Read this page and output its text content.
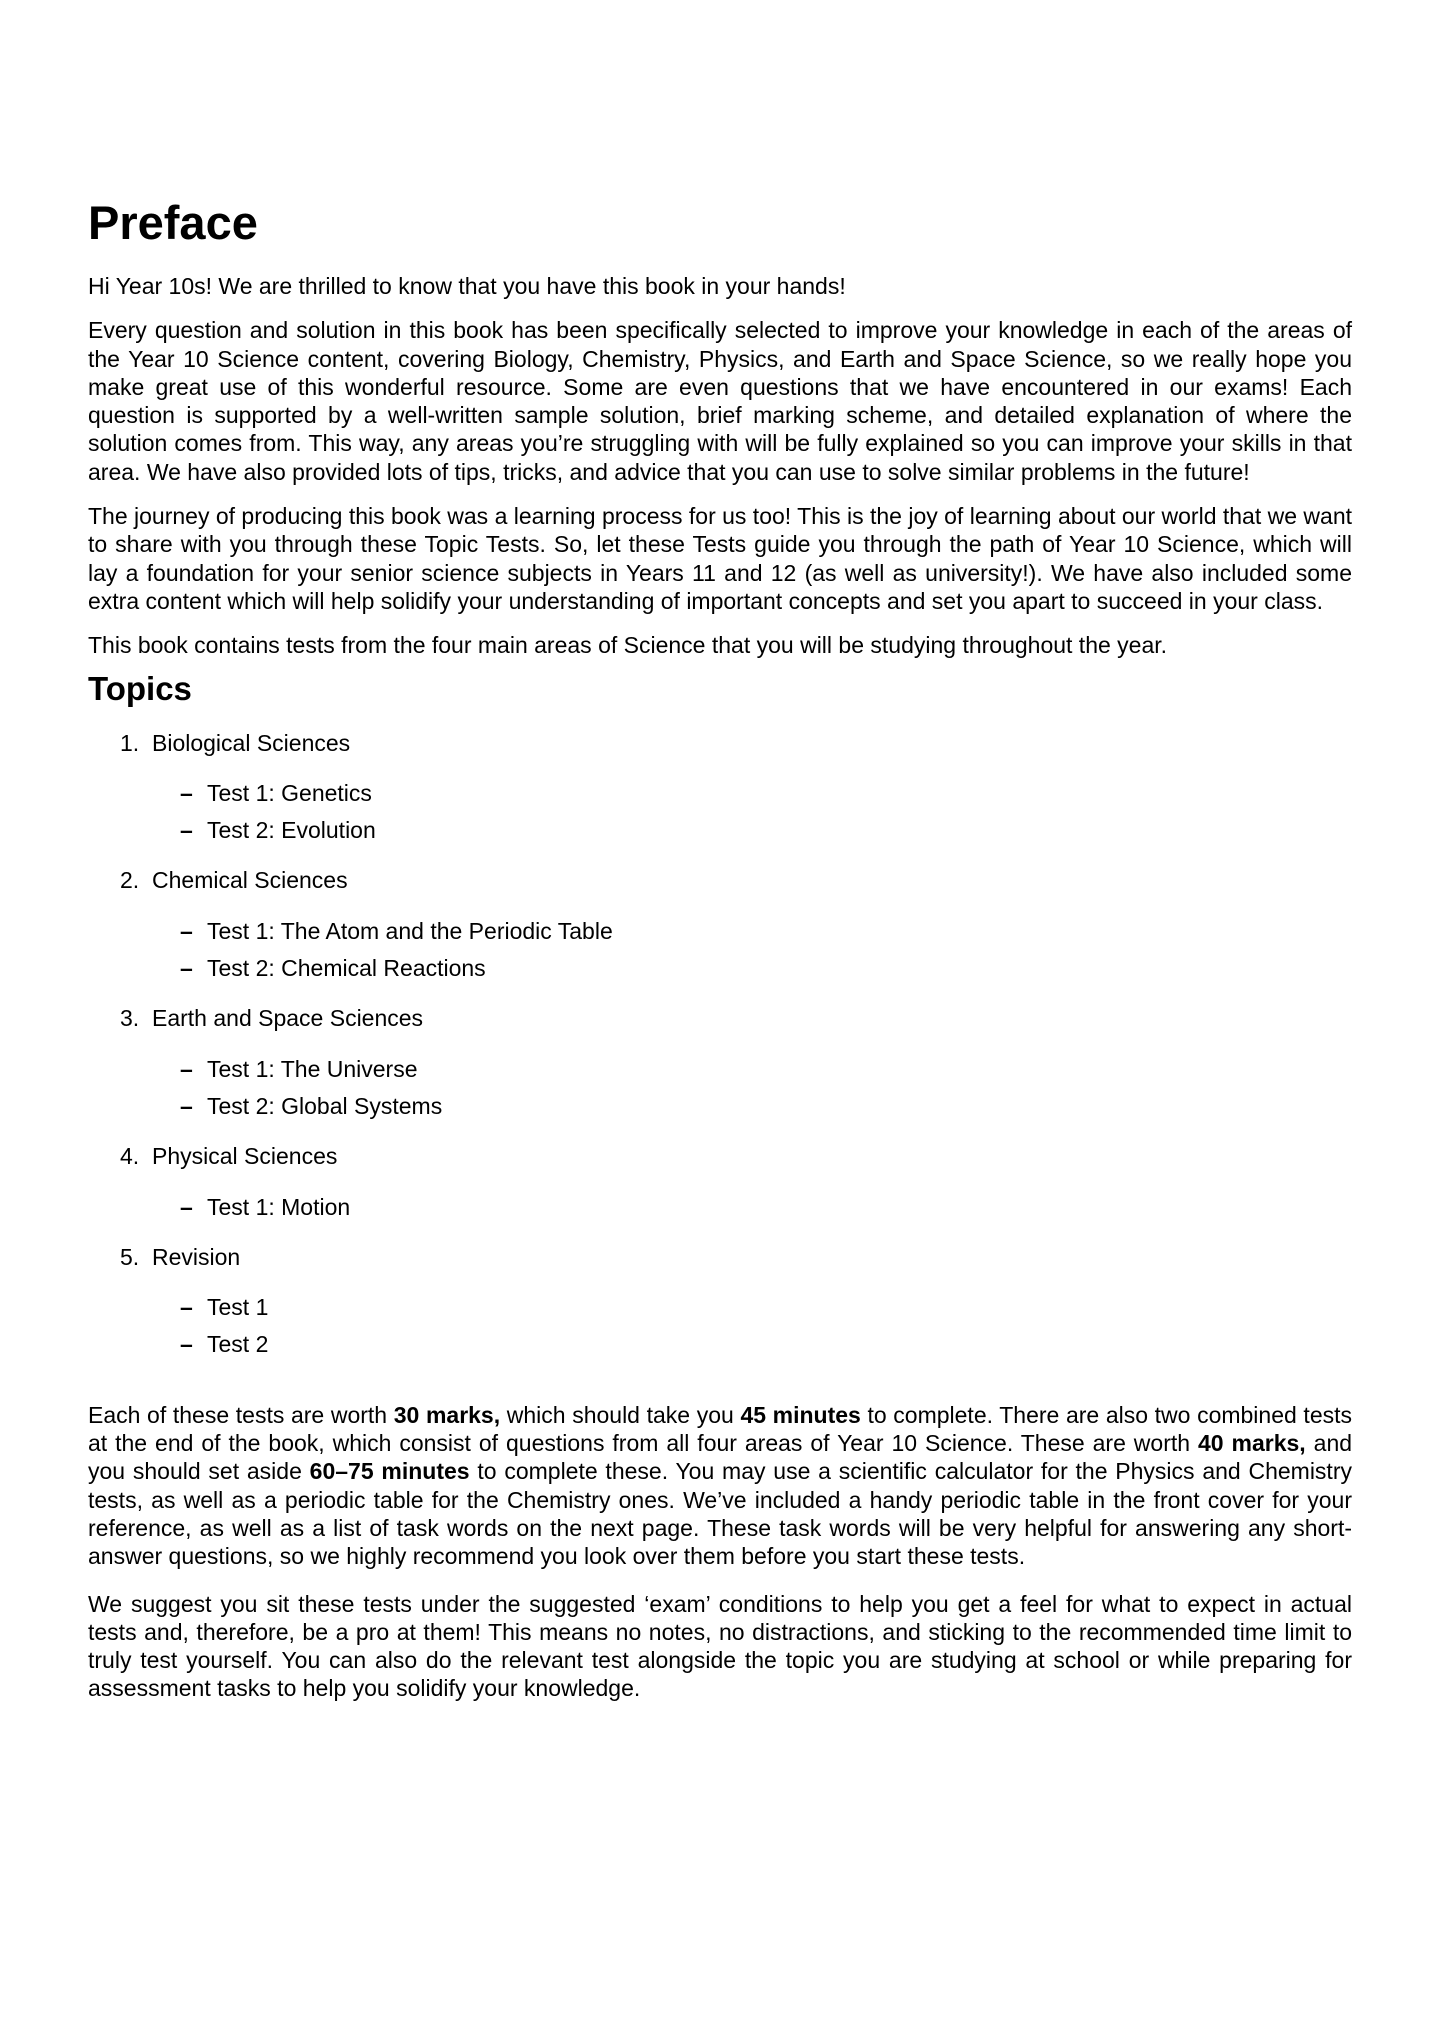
Preface

Hi Year 10s! We are thrilled to know that you have this book in your hands!

Every question and solution in this book has been specifically selected to improve your knowledge in each of the areas of the Year 10 Science content, covering Biology, Chemistry, Physics, and Earth and Space Science, so we really hope you make great use of this wonderful resource. Some are even questions that we have encountered in our exams! Each question is supported by a well-written sample solution, brief marking scheme, and detailed explanation of where the solution comes from. This way, any areas you’re struggling with will be fully explained so you can improve your skills in that area. We have also provided lots of tips, tricks, and advice that you can use to solve similar problems in the future!

The journey of producing this book was a learning process for us too! This is the joy of learning about our world that we want to share with you through these Topic Tests. So, let these Tests guide you through the path of Year 10 Science, which will lay a foundation for your senior science subjects in Years 11 and 12 (as well as university!). We have also included some extra content which will help solidify your understanding of important concepts and set you apart to succeed in your class.

This book contains tests from the four main areas of Science that you will be studying throughout the year.

Topics
1. Biological Sciences
– Test 1: Genetics
– Test 2: Evolution
2. Chemical Sciences
– Test 1: The Atom and the Periodic Table
– Test 2: Chemical Reactions
3. Earth and Space Sciences
– Test 1: The Universe
– Test 2: Global Systems
4. Physical Sciences
– Test 1: Motion
5. Revision
– Test 1
– Test 2

Each of these tests are worth 30 marks, which should take you 45 minutes to complete. There are also two combined tests at the end of the book, which consist of questions from all four areas of Year 10 Science. These are worth 40 marks, and you should set aside 60–75 minutes to complete these. You may use a scientific calculator for the Physics and Chemistry tests, as well as a periodic table for the Chemistry ones. We’ve included a handy periodic table in the front cover for your reference, as well as a list of task words on the next page. These task words will be very helpful for answering any short-answer questions, so we highly recommend you look over them before you start these tests.

We suggest you sit these tests under the suggested ‘exam’ conditions to help you get a feel for what to expect in actual tests and, therefore, be a pro at them! This means no notes, no distractions, and sticking to the recommended time limit to truly test yourself. You can also do the relevant test alongside the topic you are studying at school or while preparing for assessment tasks to help you solidify your knowledge.
